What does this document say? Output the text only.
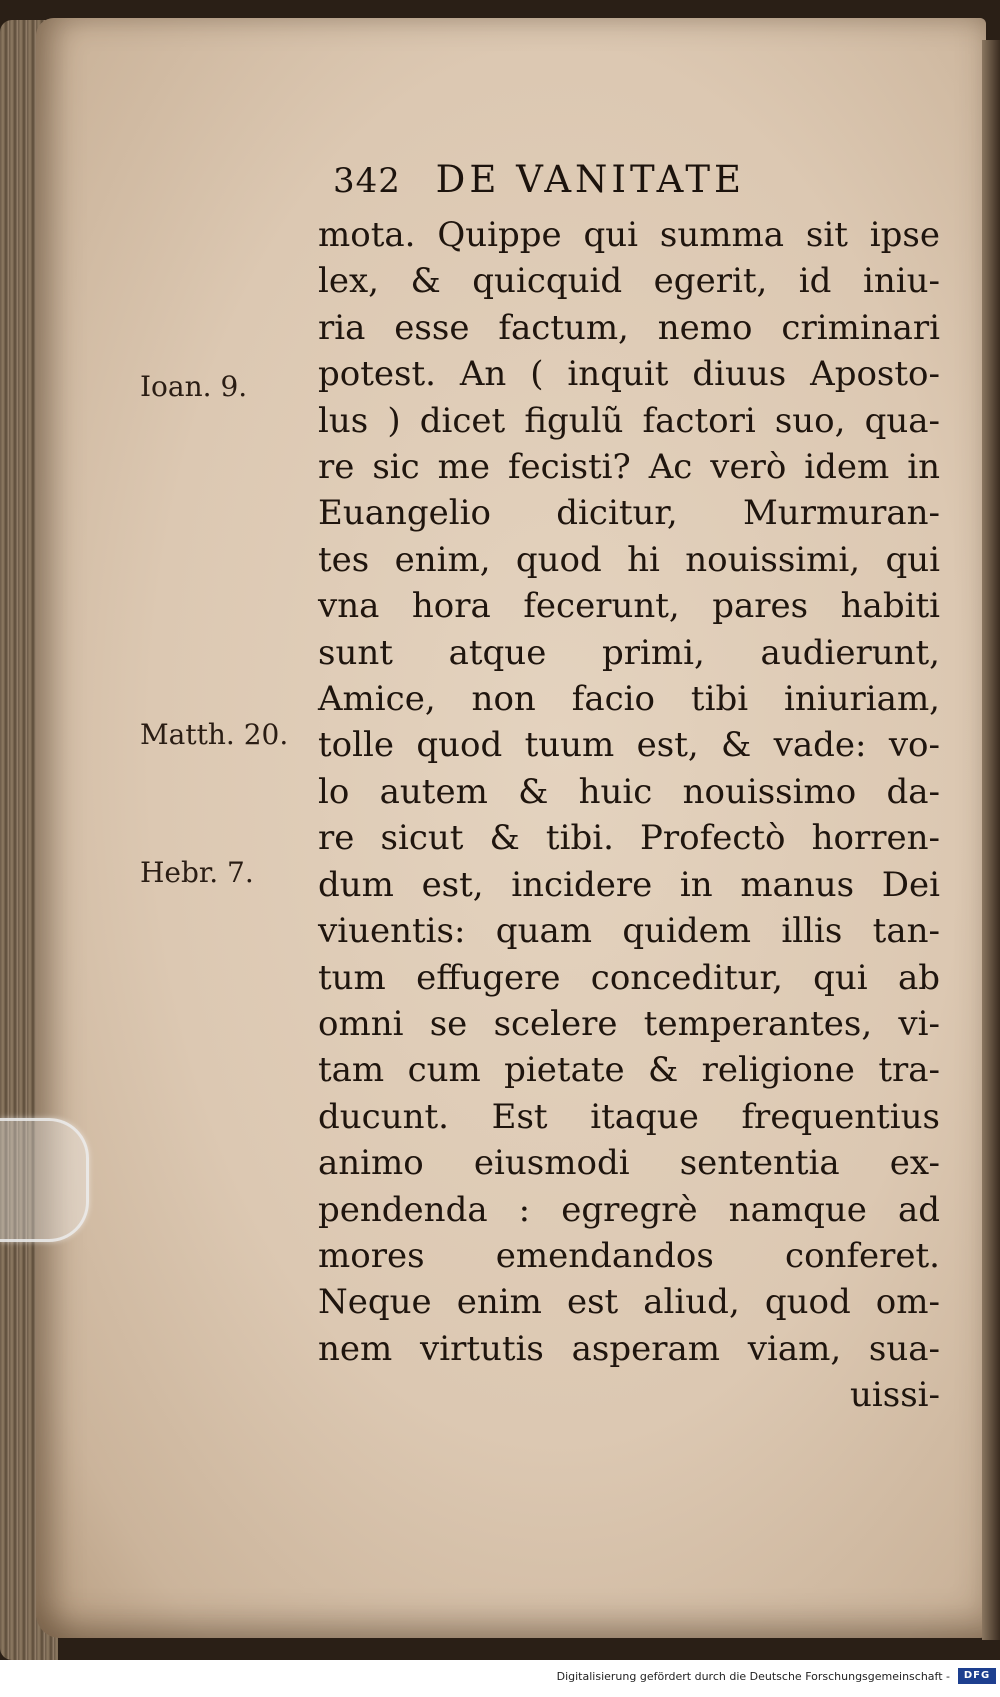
342 DE VANITATE
mota. Quippe qui summa sit ipse
lex, & quicquid egerit, id iniu-
ria esse factum, nemo criminari
potest. An ( inquit diuus Aposto-
lus ) dicet figulũ factori suo, qua-
re sic me fecisti? Ac verò idem in
Euangelio dicitur, Murmuran-
tes enim, quod hi nouissimi, qui
vna hora fecerunt, pares habiti
sunt atque primi, audierunt,
Amice, non facio tibi iniuriam,
tolle quod tuum est, & vade: vo-
lo autem & huic nouissimo da-
re sicut & tibi. Profectò horren-
dum est, incidere in manus Dei
viuentis: quam quidem illis tan-
tum effugere conceditur, qui ab
omni se scelere temperantes, vi-
tam cum pietate & religione tra-
ducunt. Est itaque frequentius
animo eiusmodi sententia ex-
pendenda : egregrè namque ad
mores emendandos conferet.
Neque enim est aliud, quod om-
nem virtutis asperam viam, sua-
uissi-
Ioan. 9.
Matth. 20.
Hebr. 7.
Digitalisierung gefördert durch die Deutsche Forschungsgemeinschaft -	DFG
